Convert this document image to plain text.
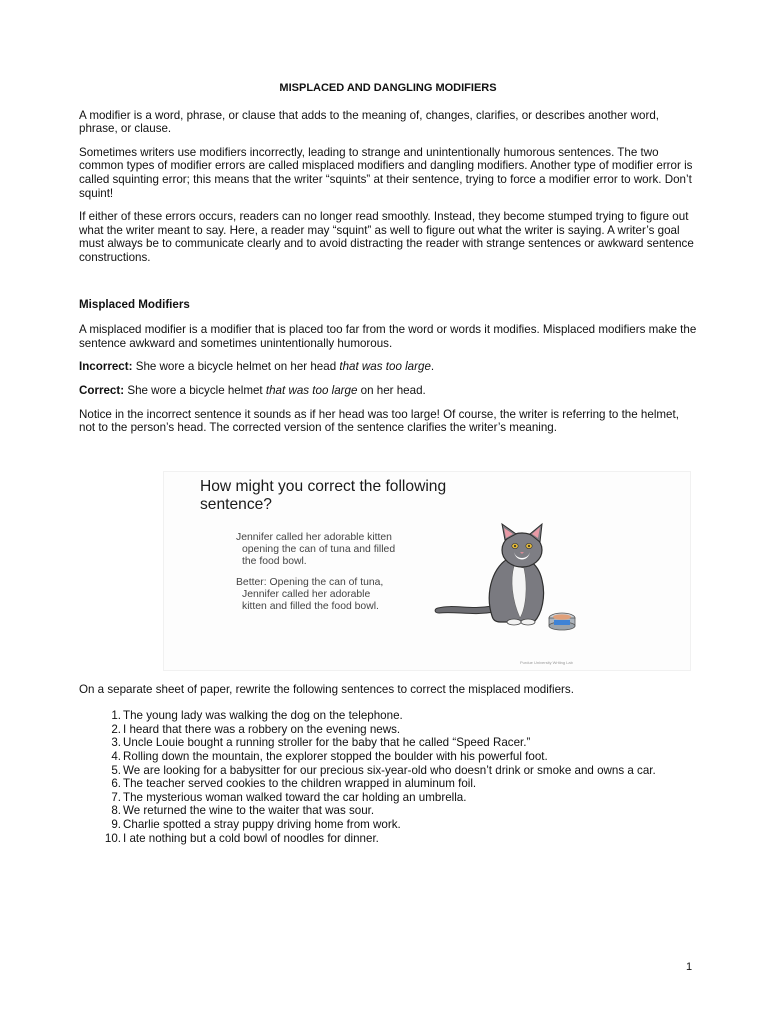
MISPLACED AND DANGLING MODIFIERS

A modifier is a word, phrase, or clause that adds to the meaning of, changes, clarifies, or describes another word, phrase, or clause.

Sometimes writers use modifiers incorrectly, leading to strange and unintentionally humorous sentences. The two common types of modifier errors are called misplaced modifiers and dangling modifiers. Another type of modifier error is called squinting error; this means that the writer “squints” at their sentence, trying to force a modifier error to work. Don’t squint!

If either of these errors occurs, readers can no longer read smoothly. Instead, they become stumped trying to figure out what the writer meant to say. Here, a reader may “squint” as well to figure out what the writer is saying. A writer’s goal must always be to communicate clearly and to avoid distracting the reader with strange sentences or awkward sentence constructions.

Misplaced Modifiers

A misplaced modifier is a modifier that is placed too far from the word or words it modifies. Misplaced modifiers make the sentence awkward and sometimes unintentionally humorous.

Incorrect: She wore a bicycle helmet on her head that was too large.

Correct: She wore a bicycle helmet that was too large on her head.

Notice in the incorrect sentence it sounds as if her head was too large! Of course, the writer is referring to the helmet, not to the person’s head. The corrected version of the sentence clarifies the writer’s meaning.

How might you correct the following sentence?

Jennifer called her adorable kitten opening the can of tuna and filled the food bowl.

Better: Opening the can of tuna, Jennifer called her adorable kitten and filled the food bowl.

Purdue University Writing Lab

On a separate sheet of paper, rewrite the following sentences to correct the misplaced modifiers.

1. The young lady was walking the dog on the telephone.
2. I heard that there was a robbery on the evening news.
3. Uncle Louie bought a running stroller for the baby that he called “Speed Racer.”
4. Rolling down the mountain, the explorer stopped the boulder with his powerful foot.
5. We are looking for a babysitter for our precious six-year-old who doesn’t drink or smoke and owns a car.
6. The teacher served cookies to the children wrapped in aluminum foil.
7. The mysterious woman walked toward the car holding an umbrella.
8. We returned the wine to the waiter that was sour.
9. Charlie spotted a stray puppy driving home from work.
10. I ate nothing but a cold bowl of noodles for dinner.
1
